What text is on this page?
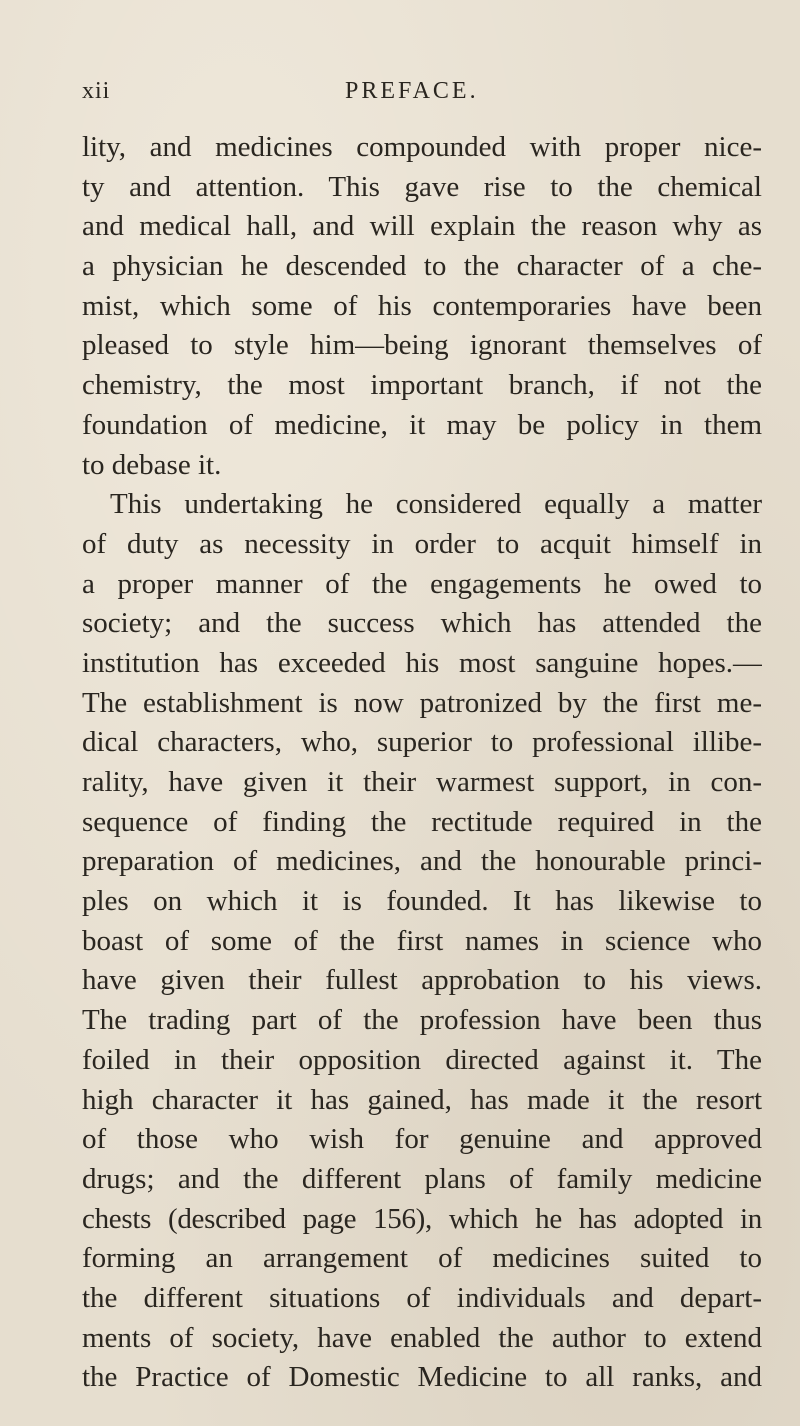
xii	PREFACE.
lity, and medicines compounded with proper nice-
ty and attention. This gave rise to the chemical
and medical hall, and will explain the reason why as
a physician he descended to the character of a che-
mist, which some of his contemporaries have been
pleased to style him—being ignorant themselves of
chemistry, the most important branch, if not the
foundation of medicine, it may be policy in them
to debase it.
This undertaking he considered equally a matter
of duty as necessity in order to acquit himself in
a proper manner of the engagements he owed to
society; and the success which has attended the
institution has exceeded his most sanguine hopes.—
The establishment is now patronized by the first me-
dical characters, who, superior to professional illibe-
rality, have given it their warmest support, in con-
sequence of finding the rectitude required in the
preparation of medicines, and the honourable princi-
ples on which it is founded. It has likewise to
boast of some of the first names in science who
have given their fullest approbation to his views.
The trading part of the profession have been thus
foiled in their opposition directed against it. The
high character it has gained, has made it the resort
of those who wish for genuine and approved
drugs; and the different plans of family medicine
chests (described page 156), which he has adopted in
forming an arrangement of medicines suited to
the different situations of individuals and depart-
ments of society, have enabled the author to extend
the Practice of Domestic Medicine to all ranks, and
